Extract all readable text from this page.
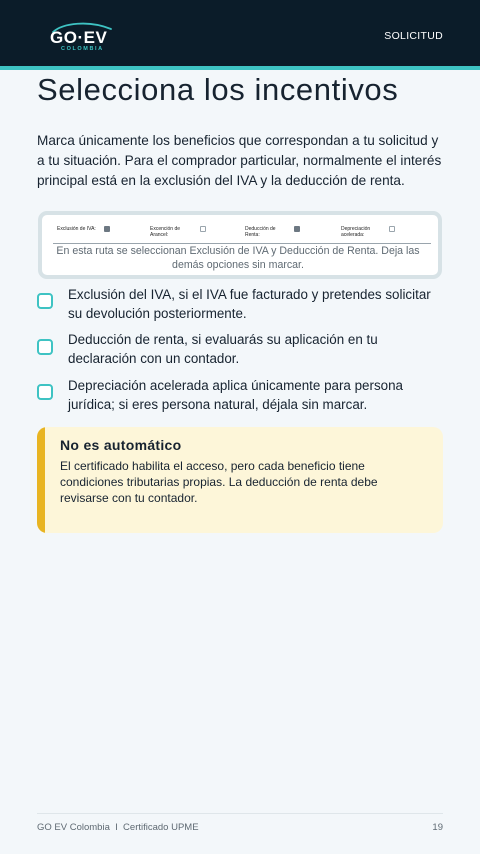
GO·EV
COLOMBIA
SOLICITUD
Selecciona los incentivos

Marca únicamente los beneficios que correspondan a tu solicitud y a tu situación. Para el comprador particular, normalmente el interés principal está en la exclusión del IVA y la deducción de renta.

Exclusión de IVA:	Excención de Arancel:
Deducción de Renta:
Depreciación acelerada:

En esta ruta se seleccionan Exclusión de IVA y Deducción de Renta. Deja las demás opciones sin marcar.

Exclusión del IVA, si el IVA fue facturado y pretendes solicitar su devolución posteriormente.

Deducción de renta, si evaluarás su aplicación en tu declaración con un contador.

Depreciación acelerada aplica únicamente para persona jurídica; si eres persona natural, déjala sin marcar.

No es automático

El certificado habilita el acceso, pero cada beneficio tiene condiciones tributarias propias. La deducción de renta debe revisarse con tu contador.

GO EV Colombia  I  Certificado UPME	19
